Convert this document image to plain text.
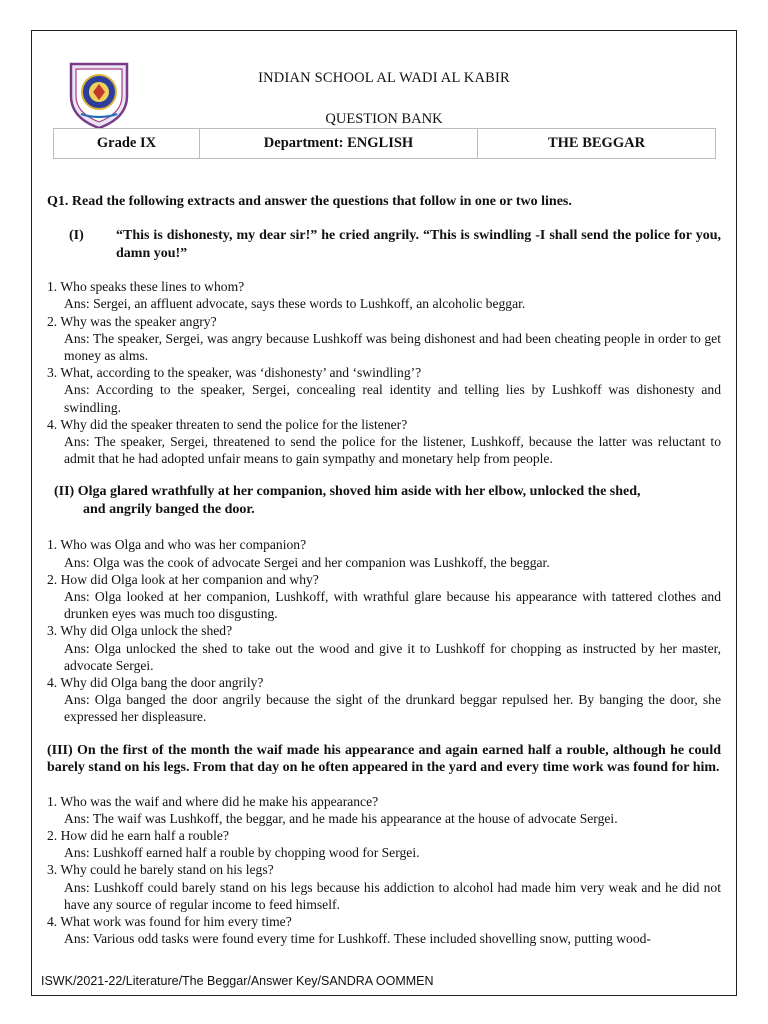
INDIAN SCHOOL AL WADI AL KABIR
QUESTION BANK
Grade IX	Department: ENGLISH	THE BEGGAR

Q1. Read the following extracts and answer the questions that follow in one or two lines.

(I)	“This is dishonesty, my dear sir!” he cried angrily. “This is swindling -I shall send the police for you, damn you!”
1. Who speaks these lines to whom?
Ans: Sergei, an affluent advocate, says these words to Lushkoff, an alcoholic beggar.
2. Why was the speaker angry?
Ans: The speaker, Sergei, was angry because Lushkoff was being dishonest and had been cheating people in order to get money as alms.
3. What, according to the speaker, was ‘dishonesty’ and ‘swindling’?
Ans: According to the speaker, Sergei, concealing real identity and telling lies by Lushkoff was dishonesty and swindling.
4. Why did the speaker threaten to send the police for the listener?
Ans: The speaker, Sergei, threatened to send the police for the listener, Lushkoff, because the latter was reluctant to admit that he had adopted unfair means to gain sympathy and monetary help from people.
(II) Olga glared wrathfully at her companion, shoved him aside with her elbow, unlocked the shed,
and angrily banged the door.
1. Who was Olga and who was her companion?
Ans: Olga was the cook of advocate Sergei and her companion was Lushkoff, the beggar.
2. How did Olga look at her companion and why?
Ans: Olga looked at her companion, Lushkoff, with wrathful glare because his appearance with tattered clothes and drunken eyes was much too disgusting.
3. Why did Olga unlock the shed?
Ans: Olga unlocked the shed to take out the wood and give it to Lushkoff for chopping as instructed by her master, advocate Sergei.
4. Why did Olga bang the door angrily?
Ans: Olga banged the door angrily because the sight of the drunkard beggar repulsed her. By banging the door, she expressed her displeasure.
(III) On the first of the month the waif made his appearance and again earned half a rouble, although he could barely stand on his legs. From that day on he often appeared in the yard and every time work was found for him.
1. Who was the waif and where did he make his appearance?
Ans: The waif was Lushkoff, the beggar, and he made his appearance at the house of advocate Sergei.
2. How did he earn half a rouble?
Ans: Lushkoff earned half a rouble by chopping wood for Sergei.
3. Why could he barely stand on his legs?
Ans: Lushkoff could barely stand on his legs because his addiction to alcohol had made him very weak and he did not have any source of regular income to feed himself.
4. What work was found for him every time?
Ans: Various odd tasks were found every time for Lushkoff. These included shovelling snow, putting wood-
ISWK/2021-22/Literature/The Beggar/Answer Key/SANDRA OOMMEN
